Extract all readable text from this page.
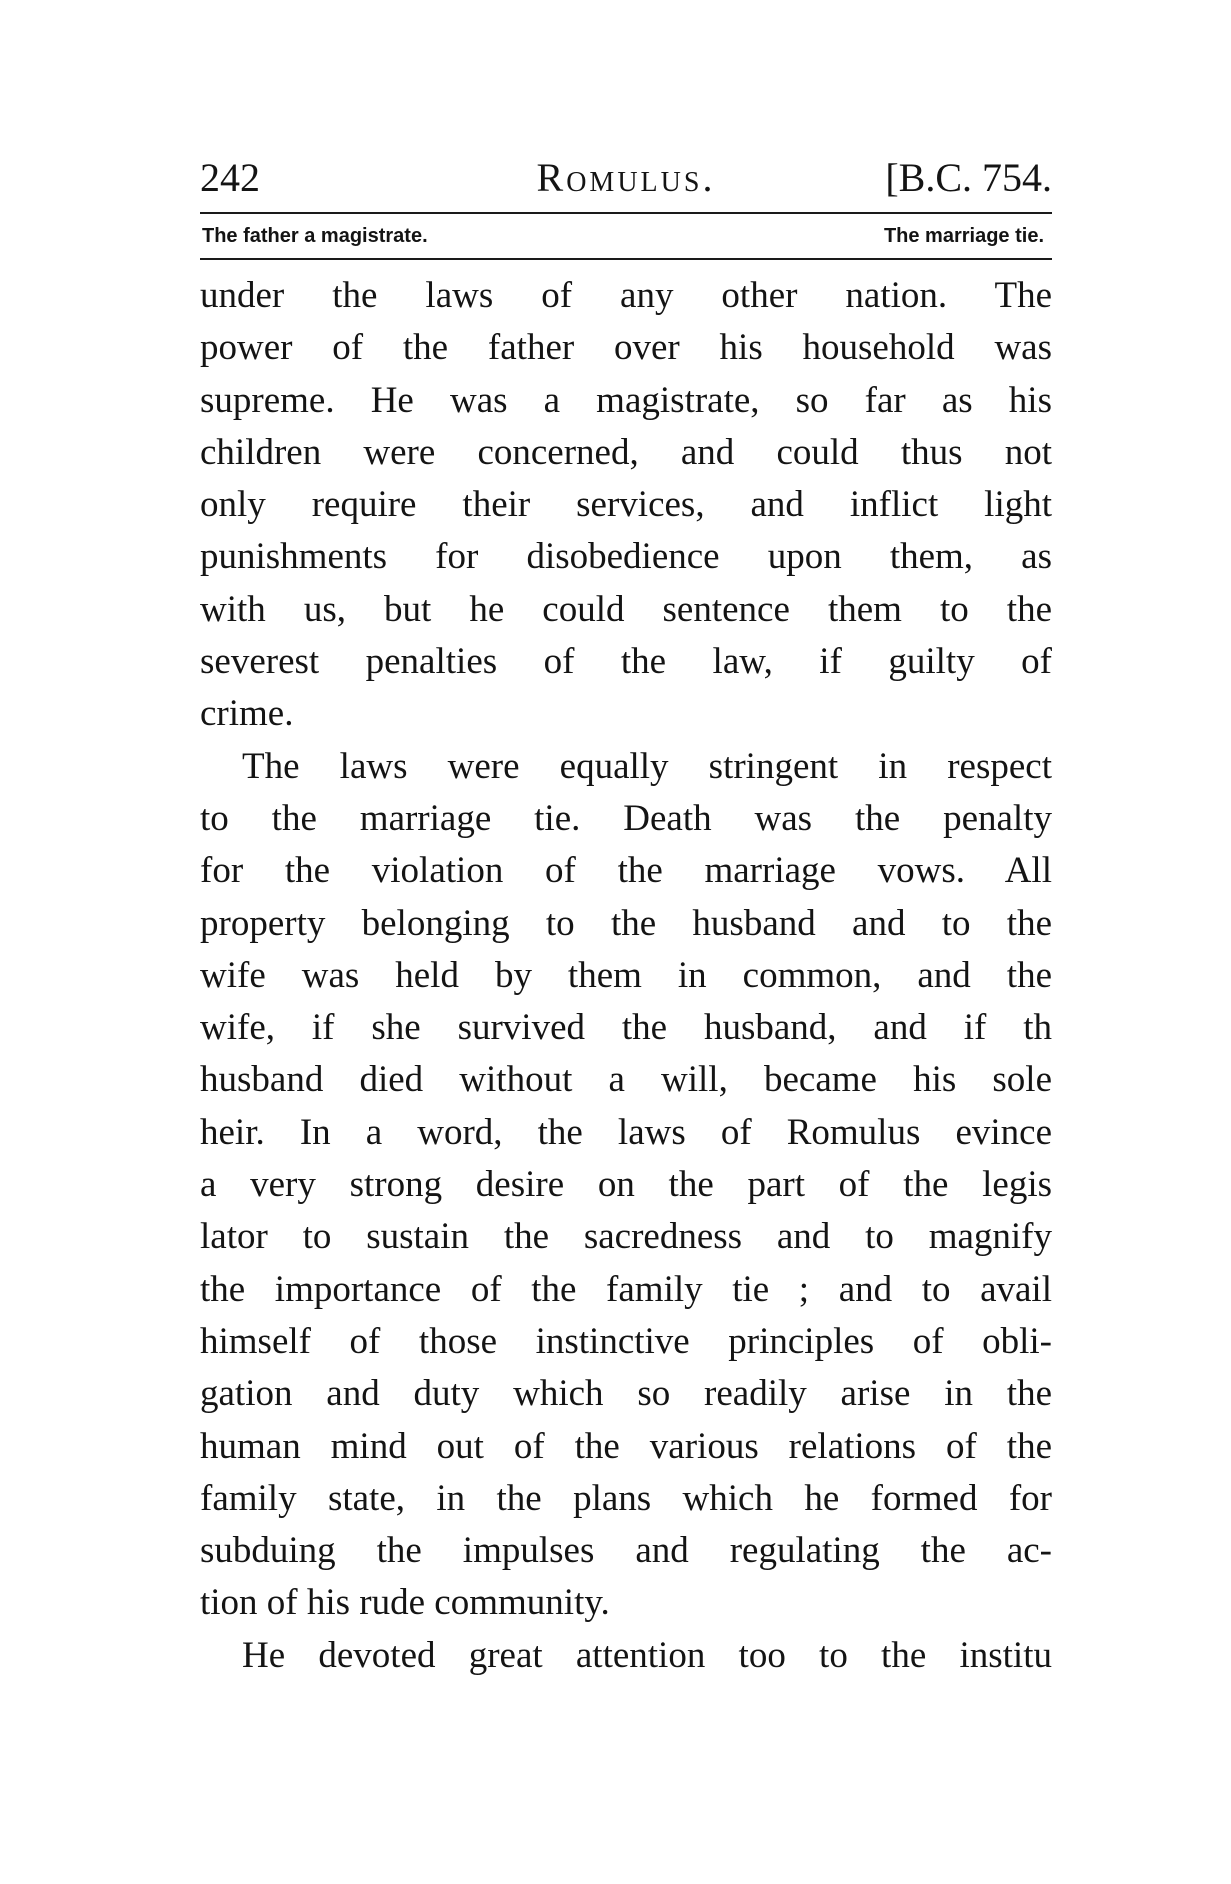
242	Romulus.	[B.C. 754.
The father a magistrate.	The marriage tie.
under the laws of any other nation. The
power of the father over his household was
supreme. He was a magistrate, so far as his
children were concerned, and could thus not
only require their services, and inflict light
punishments for disobedience upon them, as
with us, but he could sentence them to the
severest penalties of the law, if guilty of
crime.
The laws were equally stringent in respect
to the marriage tie. Death was the penalty
for the violation of the marriage vows. All
property belonging to the husband and to the
wife was held by them in common, and the
wife, if she survived the husband, and if th
husband died without a will, became his sole
heir. In a word, the laws of Romulus evince
a very strong desire on the part of the legis
lator to sustain the sacredness and to magnify
the importance of the family tie ; and to avail
himself of those instinctive principles of obli-
gation and duty which so readily arise in the
human mind out of the various relations of the
family state, in the plans which he formed for
subduing the impulses and regulating the ac-
tion of his rude community.
He devoted great attention too to the institu
